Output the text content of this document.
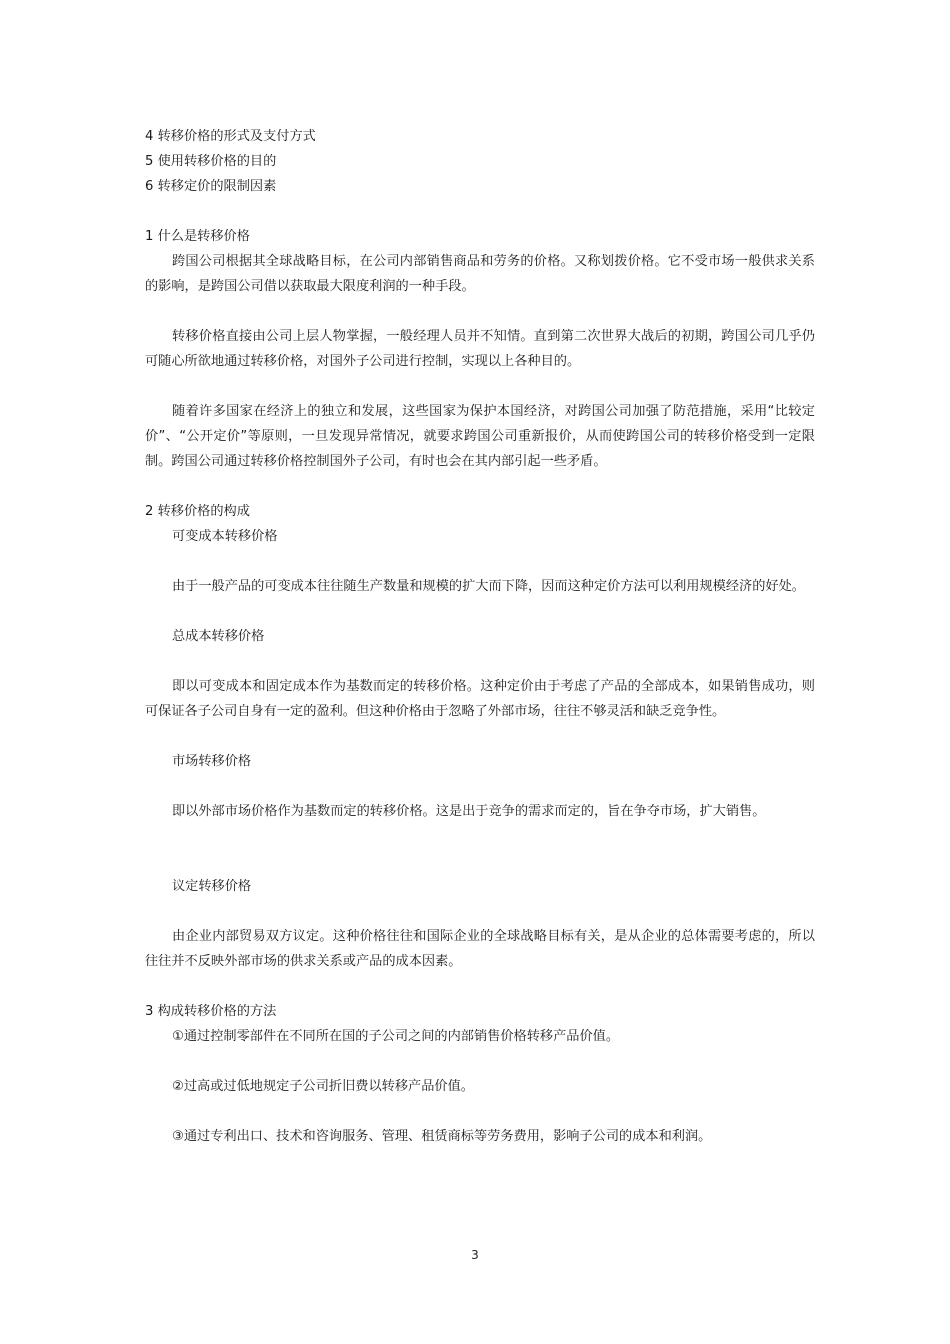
4 转移价格的形式及支付方式

5 使用转移价格的目的

6 转移定价的限制因素

1 什么是转移价格

跨国公司根据其全球战略目标，在公司内部销售商品和劳务的价格。又称划拨价格。它不受市场一般供求关系的影响，是跨国公司借以获取最大限度利润的一种手段。

转移价格直接由公司上层人物掌握，一般经理人员并不知情。直到第二次世界大战后的初期，跨国公司几乎仍可随心所欲地通过转移价格，对国外子公司进行控制，实现以上各种目的。

随着许多国家在经济上的独立和发展，这些国家为保护本国经济，对跨国公司加强了防范措施，采用“比较定价”、“公开定价”等原则，一旦发现异常情况，就要求跨国公司重新报价，从而使跨国公司的转移价格受到一定限制。跨国公司通过转移价格控制国外子公司，有时也会在其内部引起一些矛盾。

2 转移价格的构成

可变成本转移价格

由于一般产品的可变成本往往随生产数量和规模的扩大而下降，因而这种定价方法可以利用规模经济的好处。

总成本转移价格

即以可变成本和固定成本作为基数而定的转移价格。这种定价由于考虑了产品的全部成本，如果销售成功，则可保证各子公司自身有一定的盈利。但这种价格由于忽略了外部市场，往往不够灵活和缺乏竞争性。

市场转移价格

即以外部市场价格作为基数而定的转移价格。这是出于竞争的需求而定的，旨在争夺市场，扩大销售。

议定转移价格

由企业内部贸易双方议定。这种价格往往和国际企业的全球战略目标有关，是从企业的总体需要考虑的，所以往往并不反映外部市场的供求关系或产品的成本因素。

3 构成转移价格的方法

①通过控制零部件在不同所在国的子公司之间的内部销售价格转移产品价值。

②过高或过低地规定子公司折旧费以转移产品价值。

③通过专利出口、技术和咨询服务、管理、租赁商标等劳务费用，影响子公司的成本和利润。

3
